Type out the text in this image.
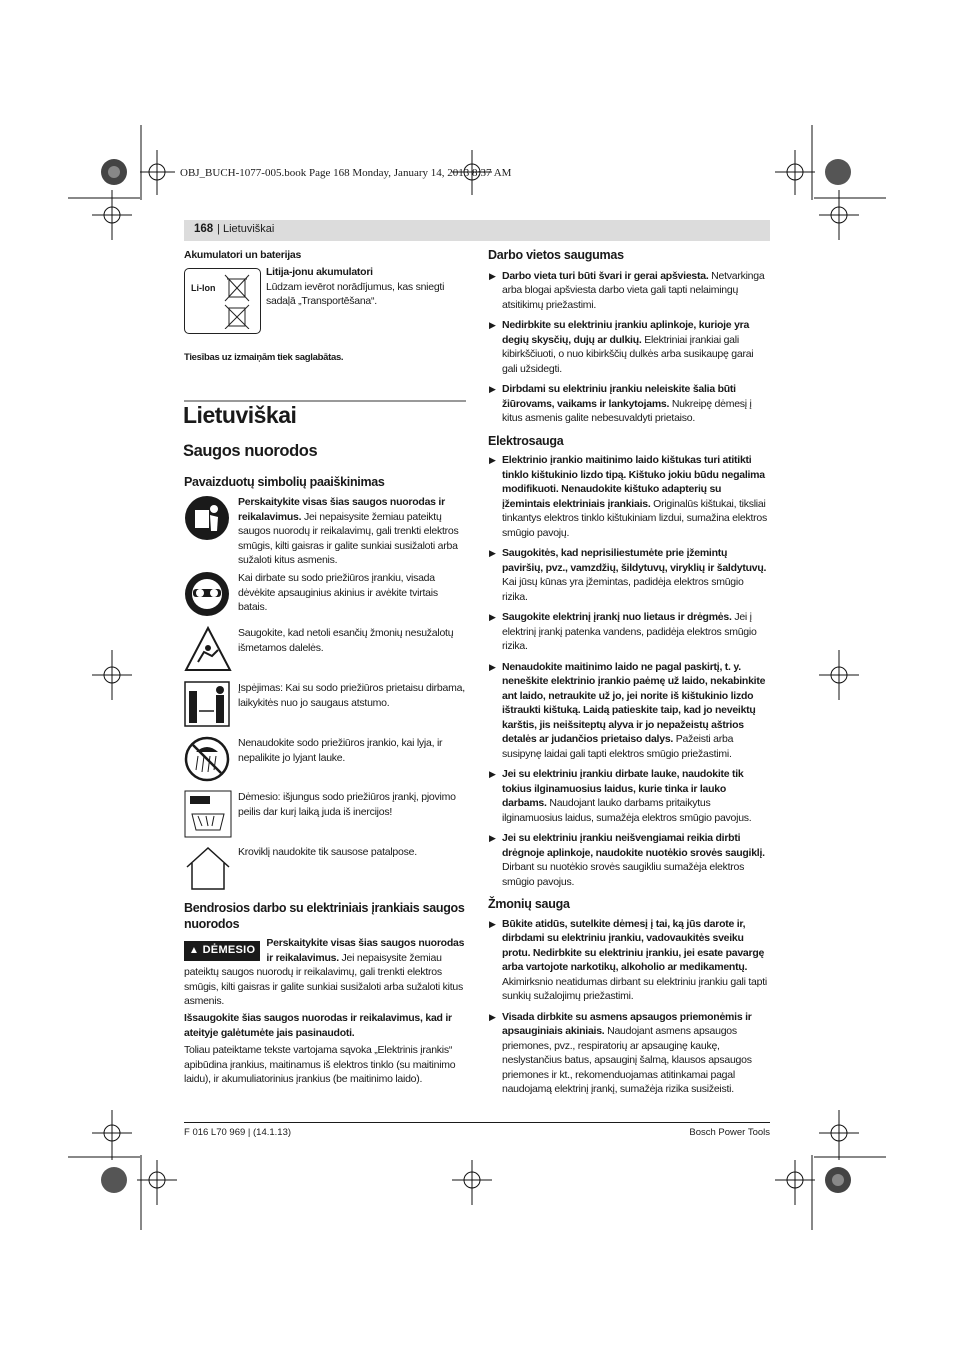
OBJ_BUCH-1077-005.book Page 168 Monday, January 14, 2013 8:37 AM
168 | Lietuviškai
Akumulatori un baterijas
Li-Ion
Litija-jonu akumulatori
Lūdzam ievērot norādījumus, kas sniegti sadaļā „Transportēšana“.
Tiesības uz izmaiņām tiek saglabātas.
Lietuviškai
Saugos nuorodos
Pavaizduotų simbolių paaiškinimas
Perskaitykite visas šias saugos nuorodas ir reikalavimus. Jei nepaisysite žemiau pateiktų saugos nuorodų ir reikalavimų, gali trenkti elektros smūgis, kilti gaisras ir galite sunkiai susižaloti arba sužaloti kitus asmenis.
Kai dirbate su sodo priežiūros įrankiu, visada dėvėkite apsauginius akinius ir avėkite tvirtais batais.
Saugokite, kad netoli esančių žmonių nesužalotų išmetamos dalelės.
Įspėjimas: Kai su sodo priežiūros prietaisu dirbama, laikykitės nuo jo saugaus atstumo.
Nenaudokite sodo priežiūros įrankio, kai lyja, ir nepalikite jo lyjant lauke.
Dėmesio: išjungus sodo priežiūros įrankį, pjovimo peilis dar kurį laiką juda iš inercijos!
Kroviklį naudokite tik sausose patalpose.
Bendrosios darbo su elektriniais įrankiais saugos nuorodos
▲ DĖMESIO
Perskaitykite visas šias saugos nuorodas ir reikalavimus. Jei nepaisysite žemiau pateiktų saugos nuorodų ir reikalavimų, gali trenkti elektros smūgis, kilti gaisras ir galite sunkiai susižaloti arba sužaloti kitus asmenis.
Išsaugokite šias saugos nuorodas ir reikalavimus, kad ir ateityje galėtumėte jais pasinaudoti.
Toliau pateiktame tekste vartojama sąvoka „Elektrinis įrankis“ apibūdina įrankius, maitinamus iš elektros tinklo (su maitinimo laidu), ir akumuliatorinius įrankius (be maitinimo laido).
Darbo vietos saugumas
▶ Darbo vieta turi būti švari ir gerai apšviesta. Netvarkinga arba blogai apšviesta darbo vieta gali tapti nelaimingų atsitikimų priežastimi.
▶ Nedirbkite su elektriniu įrankiu aplinkoje, kurioje yra degių skysčių, dujų ar dulkių. Elektriniai įrankiai gali kibirkščiuoti, o nuo kibirkščių dulkės arba susikaupę garai gali užsidegti.
▶ Dirbdami su elektriniu įrankiu neleiskite šalia būti žiūrovams, vaikams ir lankytojams. Nukreipę dėmesį į kitus asmenis galite nebesuvaldyti prietaiso.
Elektrosauga
▶ Elektrinio įrankio maitinimo laido kištukas turi atitikti tinklo kištukinio lizdo tipą. Kištuko jokiu būdu negalima modifikuoti. Nenaudokite kištuko adapterių su įžemintais elektriniais įrankiais. Originalūs kištukai, tiksliai tinkantys elektros tinklo kištukiniam lizdui, sumažina elektros smūgio pavojų.
▶ Saugokitės, kad neprisiliestumėte prie įžemintų paviršių, pvz., vamzdžių, šildytuvų, viryklių ir šaldytuvų. Kai jūsų kūnas yra įžemintas, padidėja elektros smūgio rizika.
▶ Saugokite elektrinį įrankį nuo lietaus ir drėgmės. Jei į elektrinį įrankį patenka vandens, padidėja elektros smūgio rizika.
▶ Nenaudokite maitinimo laido ne pagal paskirtį, t. y. neneškite elektrinio įrankio paėmę už laido, nekabinkite ant laido, netraukite už jo, jei norite iš kištukinio lizdo ištraukti kištuką. Laidą patieskite taip, kad jo neveiktų karštis, jis neišsiteptų alyva ir jo nepažeistų aštrios detalės ar judančios prietaiso dalys. Pažeisti arba susipynę laidai gali tapti elektros smūgio priežastimi.
▶ Jei su elektriniu įrankiu dirbate lauke, naudokite tik tokius ilginamuosius laidus, kurie tinka ir lauko darbams. Naudojant lauko darbams pritaikytus ilginamuosius laidus, sumažėja elektros smūgio pavojus.
▶ Jei su elektriniu įrankiu neišvengiamai reikia dirbti drėgnoje aplinkoje, naudokite nuotėkio srovės saugiklį. Dirbant su nuotėkio srovės saugikliu sumažėja elektros smūgio pavojus.
Žmonių sauga
▶ Būkite atidūs, sutelkite dėmesį į tai, ką jūs darote ir, dirbdami su elektriniu įrankiu, vadovaukitės sveiku protu. Nedirbkite su elektriniu įrankiu, jei esate pavargę arba vartojote narkotikų, alkoholio ar medikamentų. Akimirksnio neatidumas dirbant su elektriniu įrankiu gali tapti sunkių sužalojimų priežastimi.
▶ Visada dirbkite su asmens apsaugos priemonėmis ir apsauginiais akiniais. Naudojant asmens apsaugos priemones, pvz., respiratorių ar apsauginę kaukę, neslystančius batus, apsauginį šalmą, klausos apsaugos priemones ir kt., rekomenduojamas atitinkamai pagal naudojamą elektrinį įrankį, sumažėja rizika susižeisti.
F 016 L70 969 | (14.1.13)	Bosch Power Tools
